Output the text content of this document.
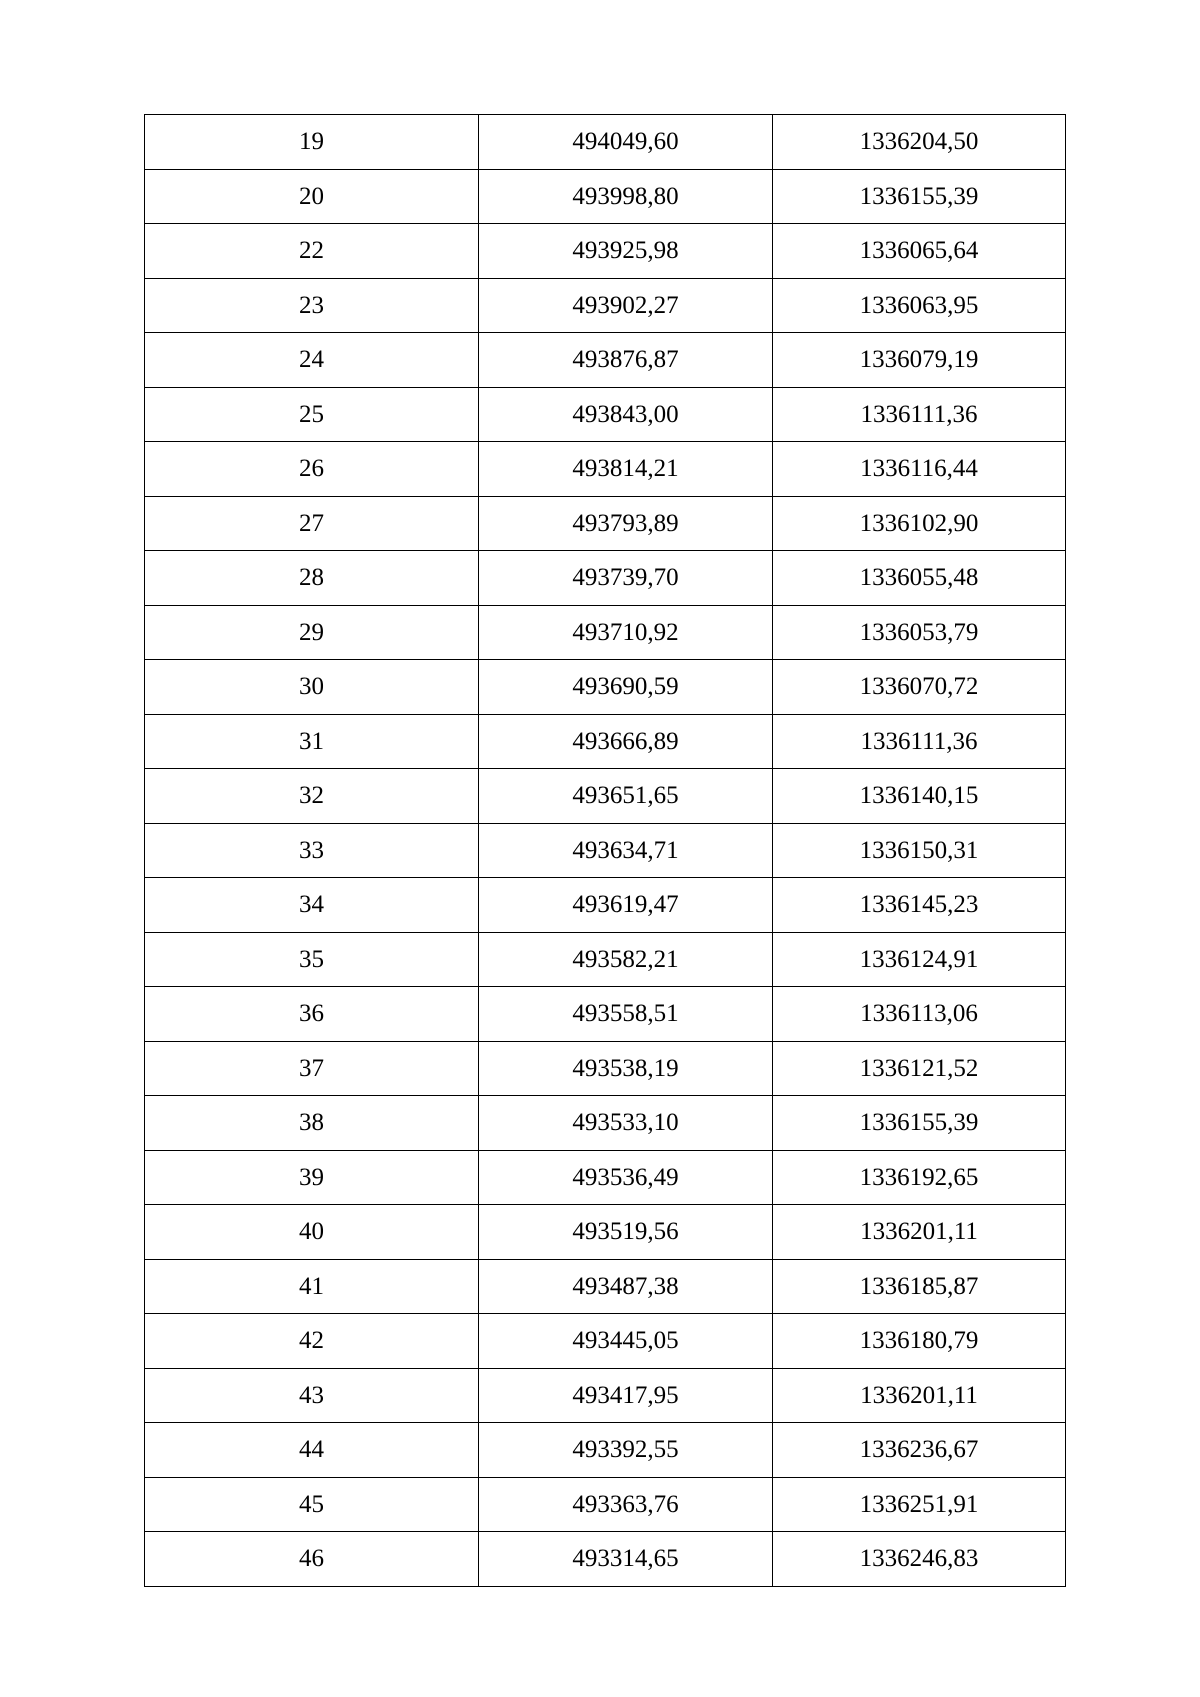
19	494049,60	1336204,50
20	493998,80	1336155,39
22	493925,98	1336065,64
23	493902,27	1336063,95
24	493876,87	1336079,19
25	493843,00	1336111,36
26	493814,21	1336116,44
27	493793,89	1336102,90
28	493739,70	1336055,48
29	493710,92	1336053,79
30	493690,59	1336070,72
31	493666,89	1336111,36
32	493651,65	1336140,15
33	493634,71	1336150,31
34	493619,47	1336145,23
35	493582,21	1336124,91
36	493558,51	1336113,06
37	493538,19	1336121,52
38	493533,10	1336155,39
39	493536,49	1336192,65
40	493519,56	1336201,11
41	493487,38	1336185,87
42	493445,05	1336180,79
43	493417,95	1336201,11
44	493392,55	1336236,67
45	493363,76	1336251,91
46	493314,65	1336246,83
